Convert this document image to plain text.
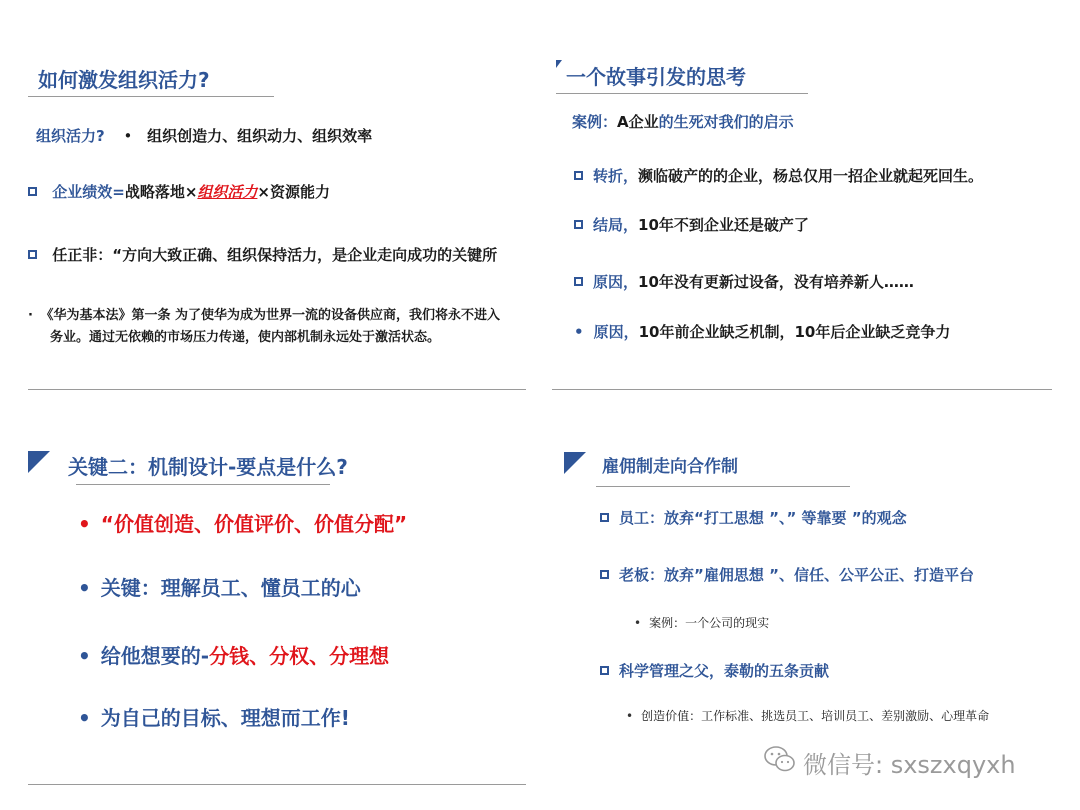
如何激发组织活力?
组织活力? • 组织创造力、组织动力、组织效率
企业绩效=战略落地×组织活力×资源能力
任正非：“方向大致正确、组织保持活力，是企业走向成功的关键所
· 《华为基本法》第一条 为了使华为成为世界一流的设备供应商，我们将永不进入
务业。通过无依赖的市场压力传递，使内部机制永远处于激活状态。
一个故事引发的思考
案例：A企业的生死对我们的启示
转折，濒临破产的的企业，杨总仅用一招企业就起死回生。
结局，10年不到企业还是破产了
原因，10年没有更新过设备，没有培养新人……
• 原因，10年前企业缺乏机制，10年后企业缺乏竞争力
关键二：机制设计-要点是什么?
• “价值创造、价值评价、价值分配”
• 关键：理解员工、懂员工的心
• 给他想要的-分钱、分权、分理想
• 为自己的目标、理想而工作!
雇佣制走向合作制
员工：放弃“打工思想 ”、” 等靠要 ”的观念
老板：放弃”雇佣思想 ”、信任、公平公正、打造平台
• 案例：一个公司的现实
科学管理之父，泰勒的五条贡献
• 创造价值：工作标准、挑选员工、培训员工、差别激励、心理革命
微信号: sxszxqyxh
